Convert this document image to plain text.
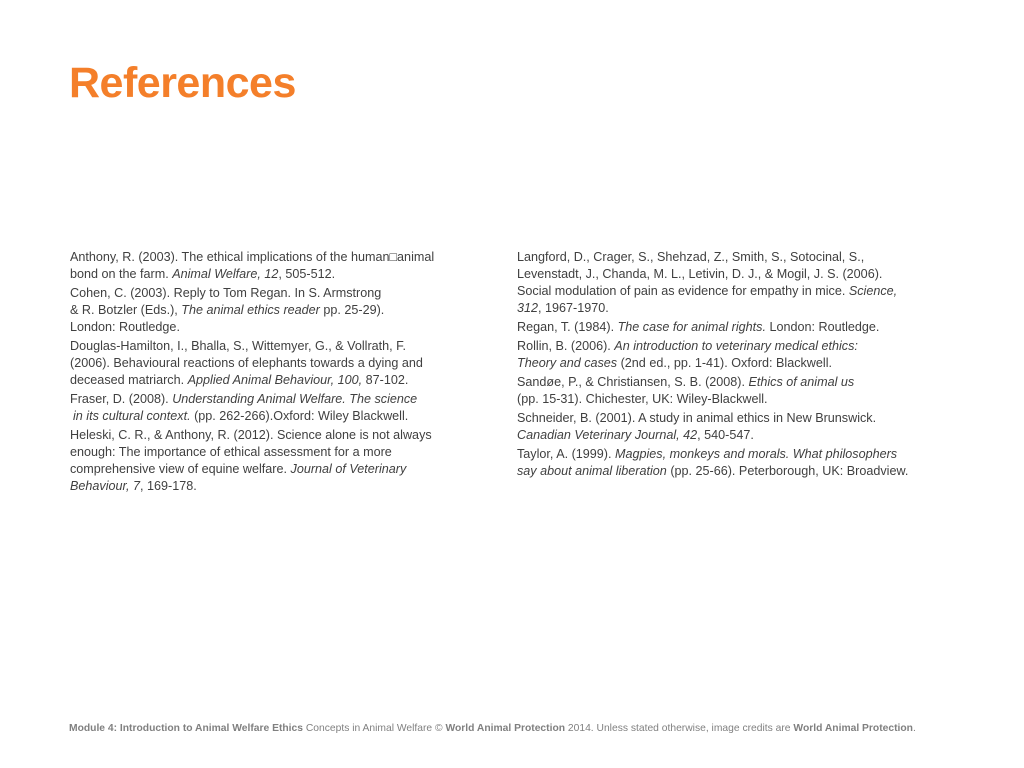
References
Anthony, R. (2003). The ethical implications of the human□animal
bond on the farm. Animal Welfare, 12, 505-512.
Cohen, C. (2003). Reply to Tom Regan. In S. Armstrong
& R. Botzler (Eds.), The animal ethics reader pp. 25-29).
London: Routledge.
Douglas-Hamilton, I., Bhalla, S., Wittemyer, G., & Vollrath, F.
(2006). Behavioural reactions of elephants towards a dying and
deceased matriarch. Applied Animal Behaviour, 100, 87-102.
Fraser, D. (2008). Understanding Animal Welfare. The science
in its cultural context. (pp. 262-266).Oxford: Wiley Blackwell.
Heleski, C. R., & Anthony, R. (2012). Science alone is not always
enough: The importance of ethical assessment for a more
comprehensive view of equine welfare. Journal of Veterinary
Behaviour, 7, 169-178.
Langford, D., Crager, S., Shehzad, Z., Smith, S., Sotocinal, S.,
Levenstadt, J., Chanda, M. L., Letivin, D. J., & Mogil, J. S. (2006).
Social modulation of pain as evidence for empathy in mice. Science,
312, 1967-1970.
Regan, T. (1984). The case for animal rights. London: Routledge.
Rollin, B. (2006). An introduction to veterinary medical ethics:
Theory and cases (2nd ed., pp. 1-41). Oxford: Blackwell.
Sandøe, P., & Christiansen, S. B. (2008). Ethics of animal us
(pp. 15-31). Chichester, UK: Wiley-Blackwell.
Schneider, B. (2001). A study in animal ethics in New Brunswick.
Canadian Veterinary Journal, 42, 540-547.
Taylor, A. (1999). Magpies, monkeys and morals. What philosophers
say about animal liberation (pp. 25-66). Peterborough, UK: Broadview.
Module 4: Introduction to Animal Welfare Ethics Concepts in Animal Welfare © World Animal Protection 2014. Unless stated otherwise, image credits are World Animal Protection.
